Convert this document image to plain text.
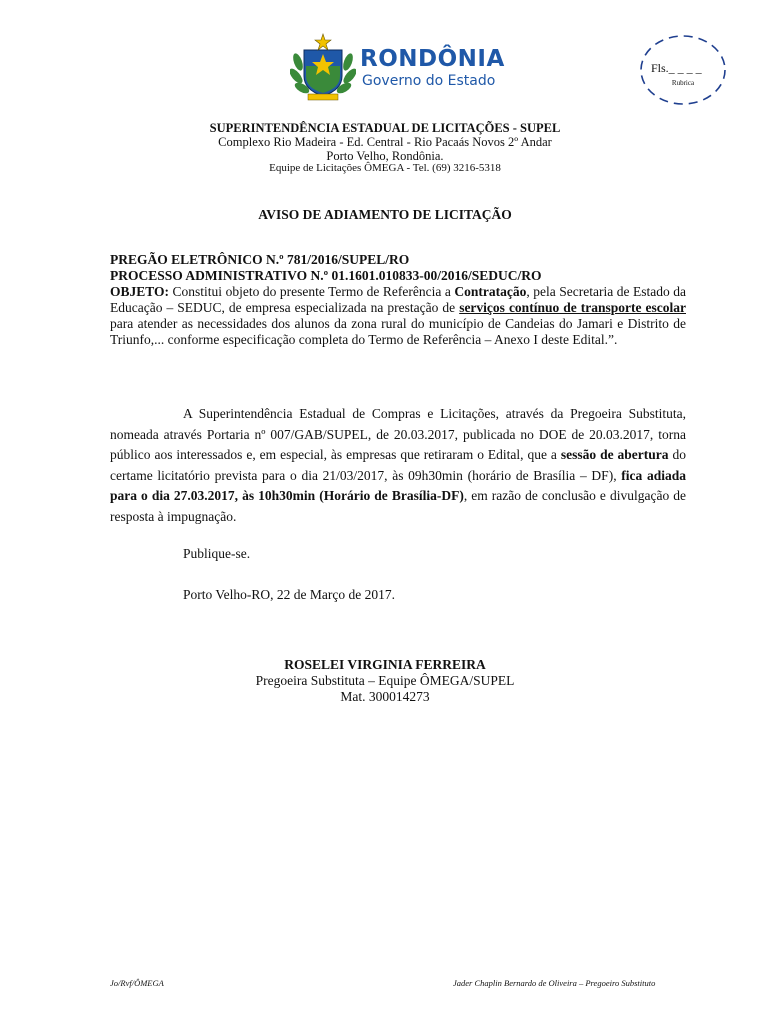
RONDÔNIA
Governo do Estado
Fls._ _ _ _
Rubrica
SUPERINTENDÊNCIA ESTADUAL DE LICITAÇÕES - SUPEL
Complexo Rio Madeira - Ed. Central - Rio Pacaás Novos 2º Andar
Porto Velho, Rondônia.
Equipe de Licitações ÔMEGA - Tel. (69) 3216-5318
AVISO DE ADIAMENTO DE LICITAÇÃO
PREGÃO ELETRÔNICO N.º 781/2016/SUPEL/RO
PROCESSO ADMINISTRATIVO N.º 01.1601.010833-00/2016/SEDUC/RO
OBJETO: Constitui objeto do presente Termo de Referência a Contratação, pela Secretaria de Estado da Educação – SEDUC, de empresa especializada na prestação de serviços contínuo de transporte escolar para atender as necessidades dos alunos da zona rural do município de Candeias do Jamari e Distrito de Triunfo,... conforme especificação completa do Termo de Referência – Anexo I deste Edital.”.
A Superintendência Estadual de Compras e Licitações, através da Pregoeira Substituta, nomeada através Portaria nº 007/GAB/SUPEL, de 20.03.2017, publicada no DOE de 20.03.2017, torna público aos interessados e, em especial, às empresas que retiraram o Edital, que a sessão de abertura do certame licitatório prevista para o dia 21/03/2017, às 09h30min (horário de Brasília – DF), fica adiada para o dia 27.03.2017, às 10h30min (Horário de Brasília-DF), em razão de conclusão e divulgação de resposta à impugnação.
Publique-se.
Porto Velho-RO, 22 de Março de 2017.
ROSELEI VIRGINIA FERREIRA
Pregoeira Substituta – Equipe ÔMEGA/SUPEL
Mat. 300014273
Jo/Rvf/ÔMEGA	Jader Chaplin Bernardo de Oliveira – Pregoeiro Substituto
